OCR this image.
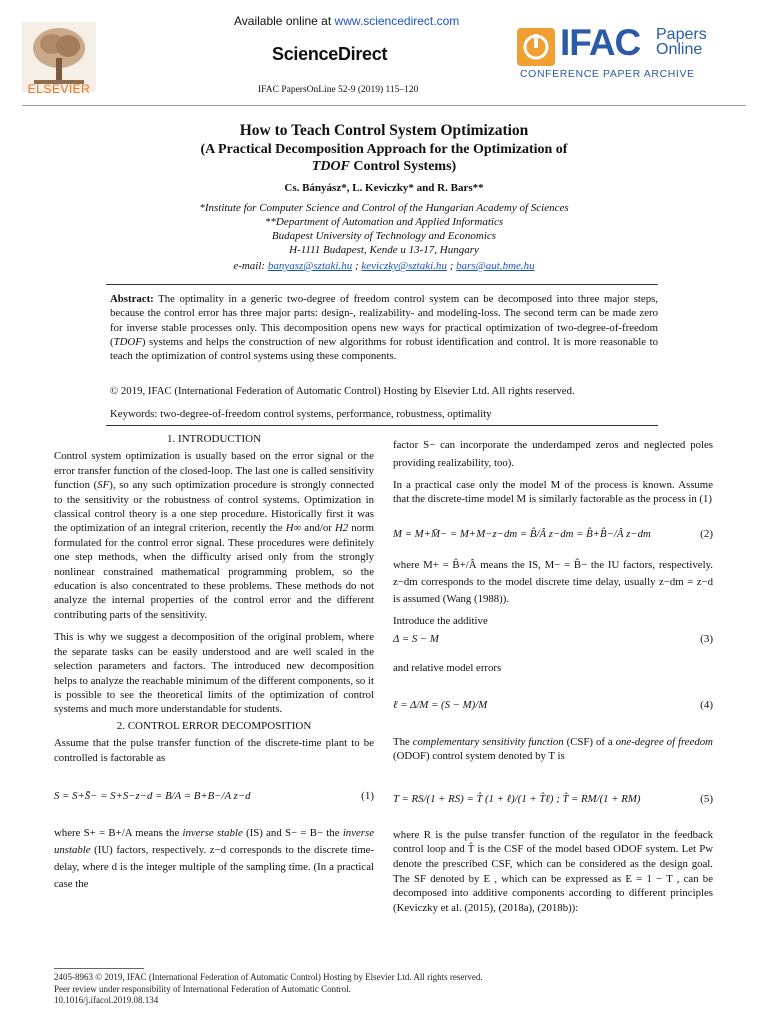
ELSEVIER
Available online at www.sciencedirect.com
ScienceDirect
IFAC PapersOnLine 52-9 (2019) 115–120
IFAC Papers
Online
CONFERENCE PAPER ARCHIVE
How to Teach Control System Optimization
(A Practical Decomposition Approach for the Optimization of
TDOF Control Systems)
Cs. Bányász*, L. Keviczky* and R. Bars**
*Institute for Computer Science and Control of the Hungarian Academy of Sciences
**Department of Automation and Applied Informatics
Budapest University of Technology and Economics
H-1111 Budapest, Kende u 13-17, Hungary
e-mail: banyasz@sztaki.hu ; keviczky@sztaki.hu ; bars@aut.bme.hu
Abstract: The optimality in a generic two-degree of freedom control system can be decomposed into three major steps, because the control error has three major parts: design-, realizability- and modeling-loss. The second term can be made zero for inverse stable processes only. This decomposition opens new ways for practical optimization of two-degree-of-freedom (TDOF) systems and helps the construction of new algorithms for robust identification and control. It is more reasonable to teach the optimization of control systems using these components.
© 2019, IFAC (International Federation of Automatic Control) Hosting by Elsevier Ltd. All rights reserved.
Keywords: two-degree-of-freedom control systems, performance, robustness, optimality
1. INTRODUCTION

Control system optimization is usually based on the error signal or the error transfer function of the closed-loop. The last one is called sensitivity function (SF), so any such optimization procedure is strongly connected to the sensitivity or the robustness of control systems. Optimization in classical control theory is a one step procedure. Historically first it was the optimization of an integral criterion, recently the H∞ and/or H2 norm formulated for the control error signal. These procedures were definitely one step methods, when the difficulty arised only from the strongly nonlinear constrained mathematical programming problem, so the education is also concentrated to these problems. These methods do not analyze the internal properties of the control error and the different contributing parts of the sensitivity.

This is why we suggest a decomposition of the original problem, where the separate tasks can be easily understood and are well scaled in the selection parameters and factors. The introduced new decomposition helps to analyze the reachable minimum of the different components, so it is possible to see the theoretical limits of the optimization of control systems and much more understandable for students.

2. CONTROL ERROR DECOMPOSITION

Assume that the pulse transfer function of the discrete-time plant to be controlled is factorable as

S = S+S̄− = S+S−z−d = B/A = B+B−/A z−d	(1)

where S+ = B+/A means the inverse stable (IS) and S− = B− the inverse unstable (IU) factors, respectively. z−d corresponds to the discrete time-delay, where d is the integer multiple of the sampling time. (In a practical case the

factor S− can incorporate the underdamped zeros and neglected poles providing realizability, too).

In a practical case only the model M of the process is known. Assume that the discrete-time model M is similarly factorable as the process in (1)

M = M+M̄− = M+M−z−dm = B̂/Â z−dm = B̂+B̂−/Â z−dm	(2)

where M+ = B̂+/Â means the IS, M− = B̂− the IU factors, respectively. z−dm corresponds to the model discrete time delay, usually z−dm = z−d is assumed (Wang (1988)).

Introduce the additive

Δ = S − M	(3)

and relative model errors

ℓ = Δ/M = (S − M)/M	(4)

The complementary sensitivity function (CSF) of a one-degree of freedom (ODOF) control system denoted by T is

T = RS/(1 + RS) = T̂ (1 + ℓ)/(1 + T̂ℓ) ; T̂ = RM/(1 + RM)	(5)

where R is the pulse transfer function of the regulator in the feedback control loop and T̂ is the CSF of the model based ODOF system. Let Pw denote the prescribed CSF, which can be considered as the design goal. The SF denoted by E , which can be expressed as E = 1 − T , can be decomposed into additive components according to different principles (Keviczky et al. (2015), (2018a), (2018b)):

2405-8963 © 2019, IFAC (International Federation of Automatic Control) Hosting by Elsevier Ltd. All rights reserved.
Peer review under responsibility of International Federation of Automatic Control.
10.1016/j.ifacol.2019.08.134
